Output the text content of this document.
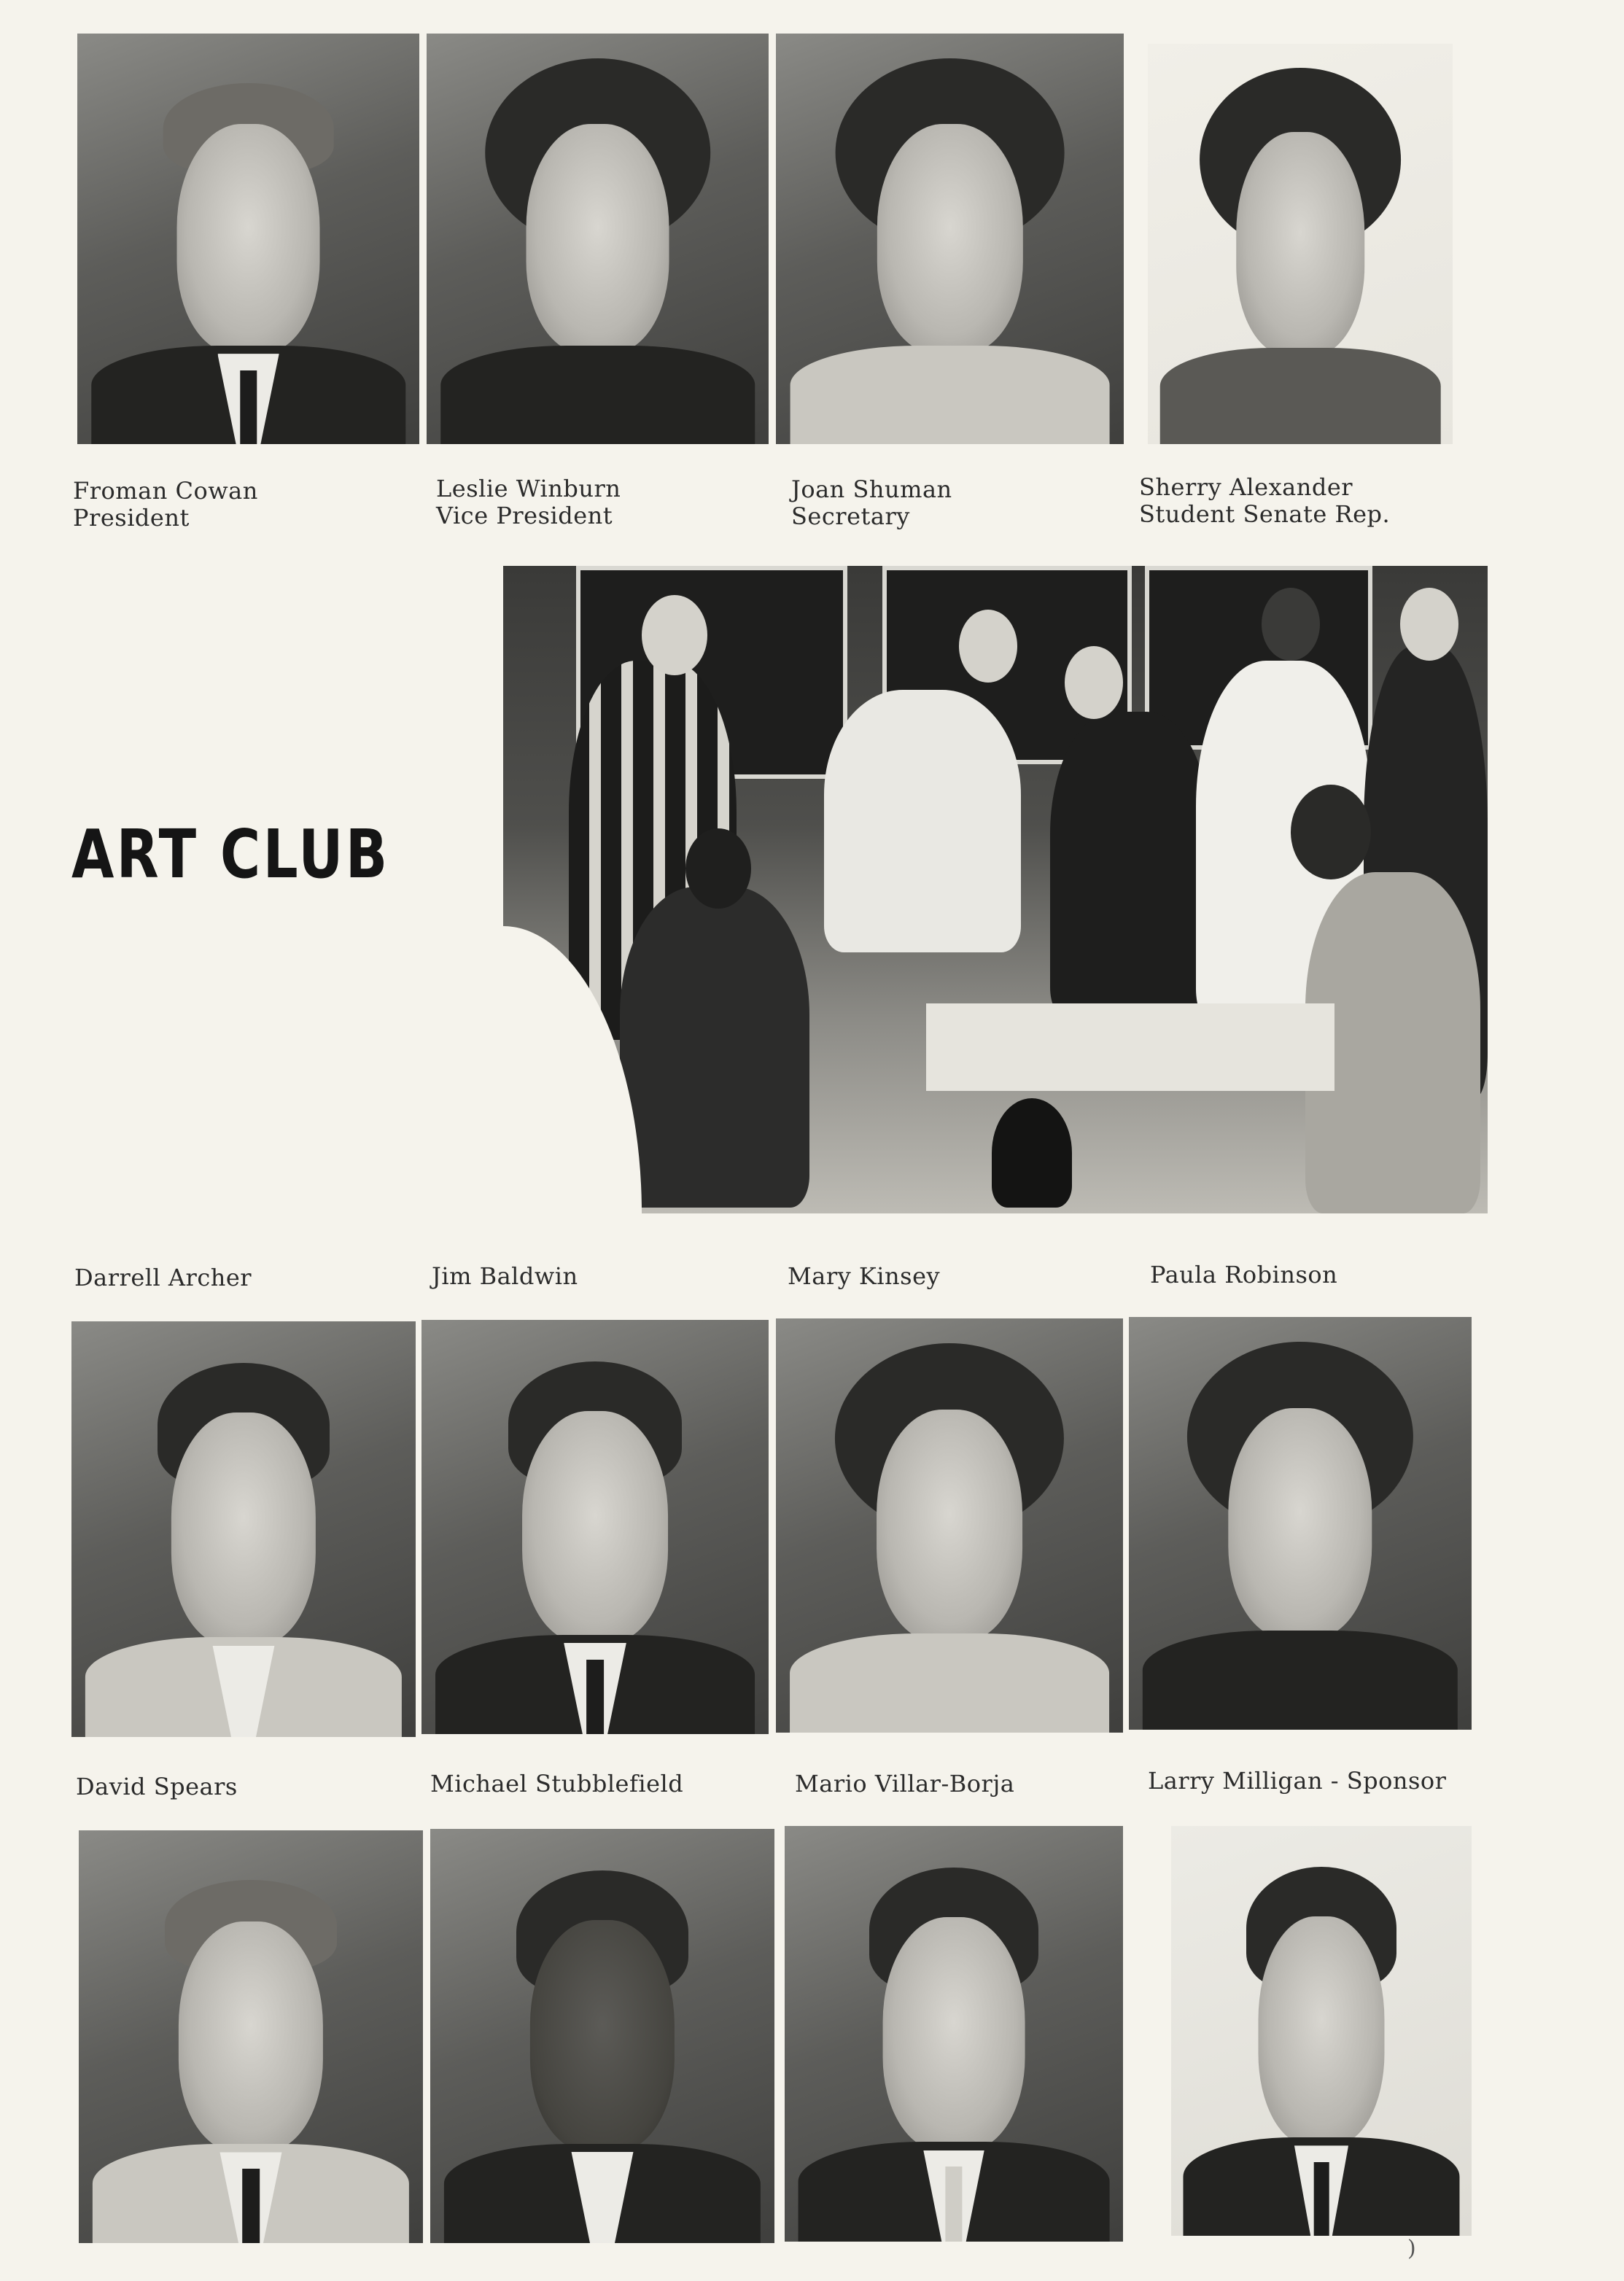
Froman Cowan
President
Leslie Winburn
Vice President
Joan Shuman
Secretary
Sherry Alexander
Student Senate Rep.
ART CLUB
Darrell Archer	Jim Baldwin	Mary Kinsey	Paula Robinson
David Spears	Michael Stubblefield	Mario Villar-Borja	Larry Milligan - Sponsor
)
